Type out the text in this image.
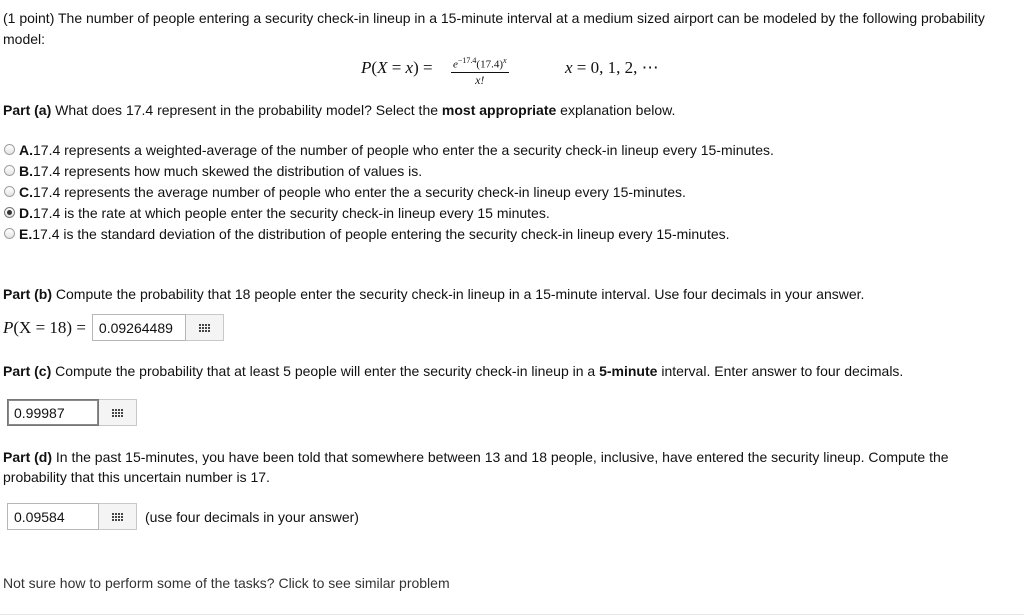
(1 point) The number of people entering a security check-in lineup in a 15-minute interval at a medium sized airport can be modeled by the following probability model:

$P(X = x) = \frac{e^{-17.4}(17.4)^x}{x!}$	x = 0, 1, 2, ⋯

Part (a) What does 17.4 represent in the probability model? Select the most appropriate explanation below.

A. 17.4 represents a weighted-average of the number of people who enter the a security check-in lineup every 15-minutes.
B. 17.4 represents how much skewed the distribution of values is.
C. 17.4 represents the average number of people who enter the a security check-in lineup every 15-minutes.
D. 17.4 is the rate at which people enter the security check-in lineup every 15 minutes.
E. 17.4 is the standard deviation of the distribution of people entering the security check-in lineup every 15-minutes.

Part (b) Compute the probability that 18 people enter the security check-in lineup in a 15-minute interval. Use four decimals in your answer.

P(X = 18) = 0.09264489

Part (c) Compute the probability that at least 5 people will enter the security check-in lineup in a 5-minute interval. Enter answer to four decimals.

0.99987

Part (d) In the past 15-minutes, you have been told that somewhere between 13 and 18 people, inclusive, have entered the security lineup. Compute the probability that this uncertain number is 17.

0.09584	(use four decimals in your answer)

Not sure how to perform some of the tasks? Click to see similar problem
